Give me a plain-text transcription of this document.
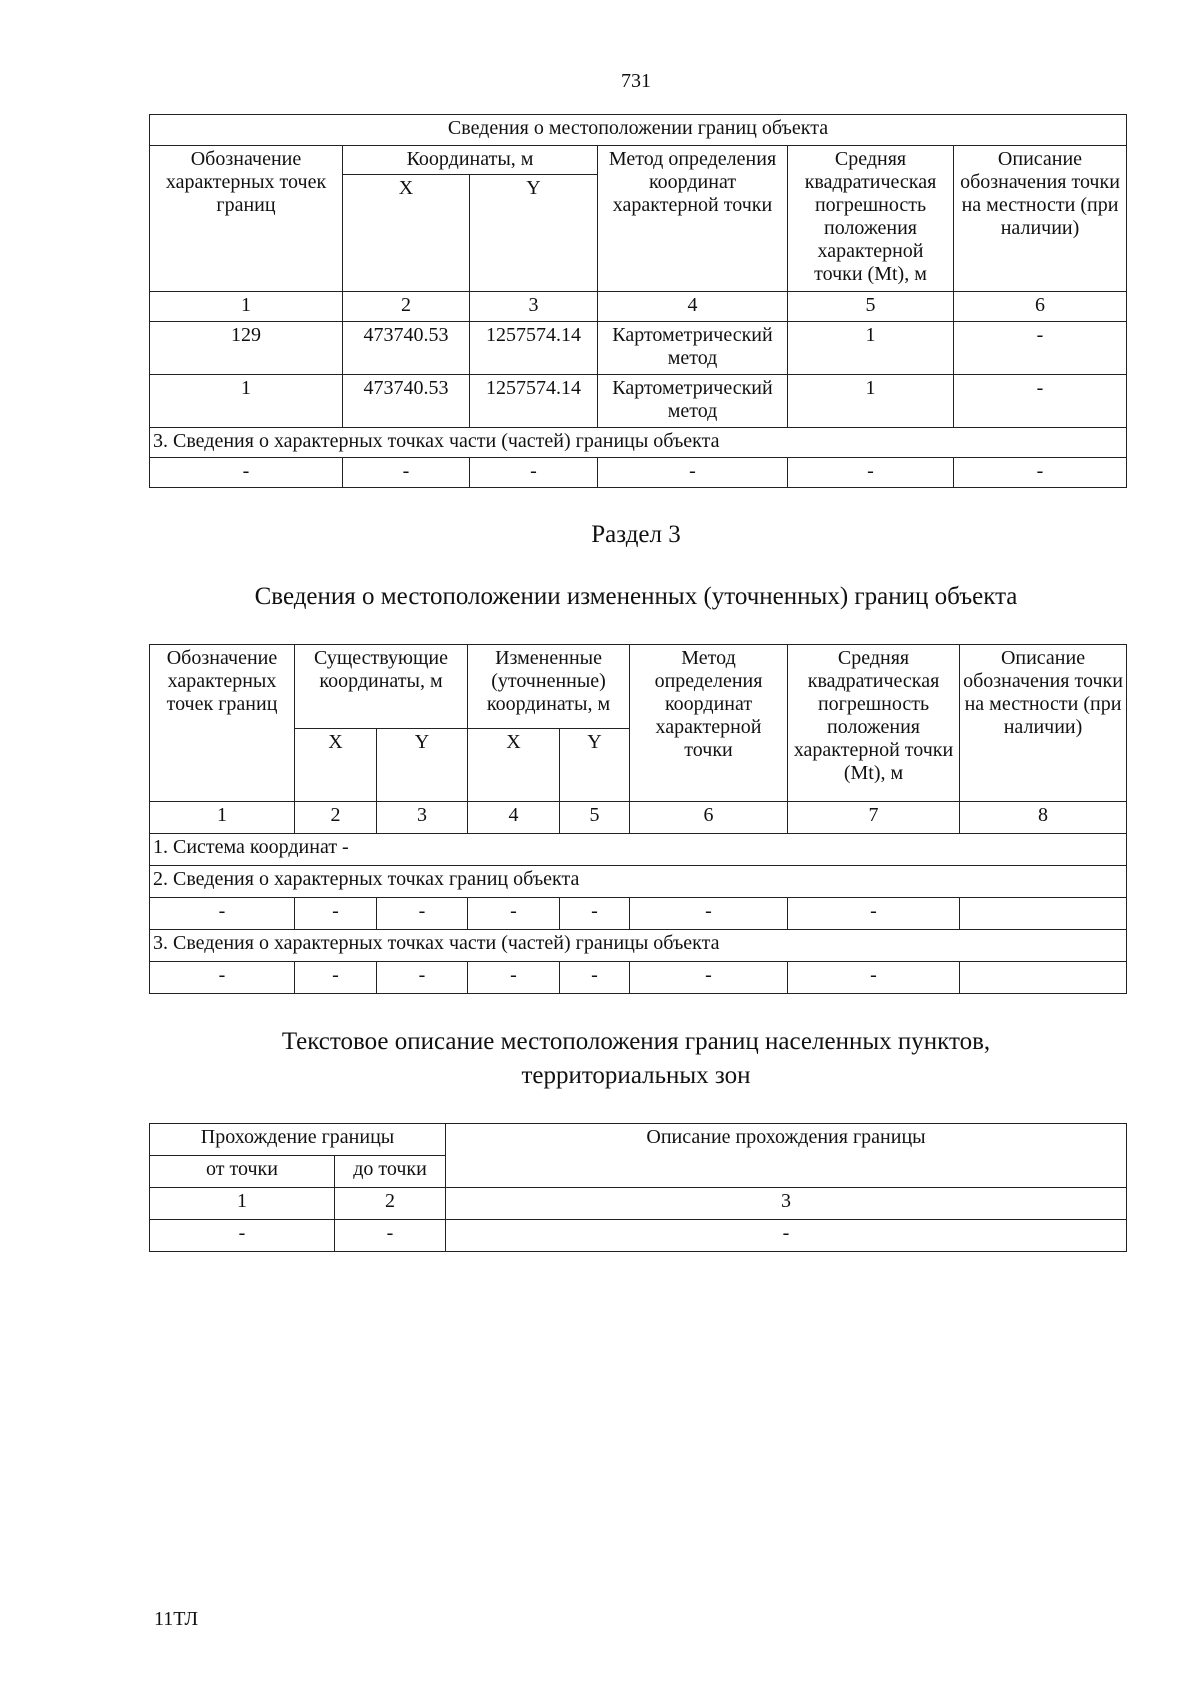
731
Сведения о местоположении границ объекта					
Обозначение характерных точек границ	Координаты, м		Метод определения координат характерной точки	Средняя квадратическая погрешность положения характерной точки (Mt), м	Описание обозначения точки на местности (при наличии)
	X	Y			
1	2	3	4	5	6
129	473740.53	1257574.14	Картометрический метод	1	-
1	473740.53	1257574.14	Картометрический метод	1	-
3. Сведения о характерных точках части (частей) границы объекта					
-	-	-	-	-	-
Раздел 3
Сведения о местоположении измененных (уточненных) границ объекта
Обозначение характерных точек границ	Существующие координаты, м		Измененные (уточненные) координаты, м		Метод определения координат характерной точки	Средняя квадратическая погрешность положения характерной точки (Mt), м	Описание обозначения точки на местности (при наличии)
	X	Y	X	Y			
1	2	3	4	5	6	7	8
1. Система координат -							
2. Сведения о характерных точках границ объекта							
-	-	-	-	-	-	-	
3. Сведения о характерных точках части (частей) границы объекта							
-	-	-	-	-	-	-	
Текстовое описание местоположения границ населенных пунктов,
территориальных зон
Прохождение границы		Описание прохождения границы
от точки	до точки	
1	2	3
-	-	-
11ТЛ
